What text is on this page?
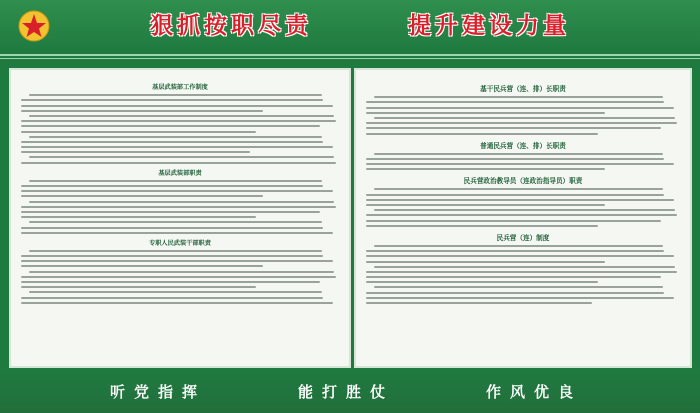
狠抓按职尽责	提升建设力量
基层武装部工作制度
基层武装部职责
专职人民武装干部职责
基干民兵营（连、排）长职责
普通民兵营（连、排）长职责
民兵营政治教导员（连政治指导员）职责
民兵营（连）制度
听党指挥	能打胜仗	作风优良
